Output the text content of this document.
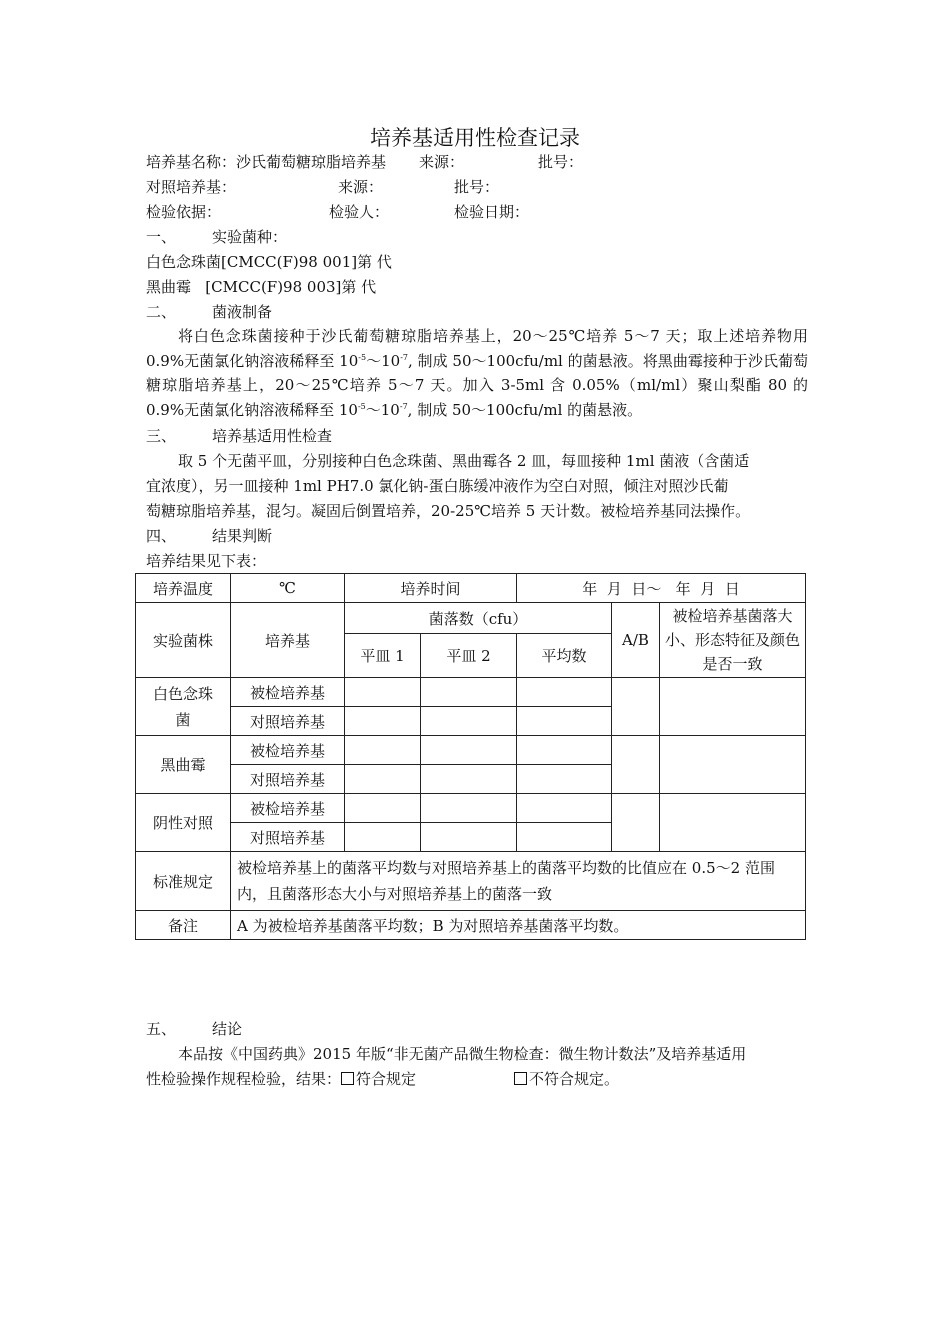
培养基适用性检查记录
培养基名称：沙氏葡萄糖琼脂培养基 来源：	批号：
对照培养基：	来源：	批号：
检验依据：	检验人：	检验日期：
一、 实验菌种：
白色念珠菌[CMCC(F)98 001]第 代
黑曲霉   [CMCC(F)98 003]第 代
二、 菌液制备
将白色念珠菌接种于沙氏葡萄糖琼脂培养基上，20～25℃培养 5～7 天；取上述培养物用 0.9%无菌氯化钠溶液稀释至 $10^{-5}\sim 10^{-7}$, 制成 50～100cfu/ml 的菌悬液。将黑曲霉接种于沙氏葡萄糖琼脂培养基上，20～25℃培养 5～7 天。加入 3-5ml 含 0.05%（ml/ml）聚山梨酯 80 的 0.9%无菌氯化钠溶液稀释至 $10^{-5}\sim 10^{-7}$, 制成 50～100cfu/ml 的菌悬液。
三、 培养基适用性检查
取 5 个无菌平皿，分别接种白色念珠菌、黑曲霉各 2 皿，每皿接种 1ml 菌液（含菌适
宜浓度），另一皿接种 1ml PH7.0 氯化钠-蛋白胨缓冲液作为空白对照，倾注对照沙氏葡
萄糖琼脂培养基，混匀。凝固后倒置培养，20-25℃培养 5 天计数。被检培养基同法操作。
四、 结果判断
培养结果见下表：
培养温度	℃	培养时间		年  月  日～   年  月  日		
实验菌株	培养基	菌落数（cfu）			A/B	被检培养基菌落大小、形态特征及颜色是否一致
		平皿 1	平皿 2	平均数		
白色念珠菌	被检培养基					
	对照培养基					
黑曲霉	被检培养基					
	对照培养基					
阴性对照	被检培养基					
	对照培养基					
标准规定	被检培养基上的菌落平均数与对照培养基上的菌落平均数的比值应在 0.5～2 范围内，且菌落形态大小与对照培养基上的菌落一致					
备注	A 为被检培养基菌落平均数；B 为对照培养基菌落平均数。					
五、 结论
本品按《中国药典》2015 年版“非无菌产品微生物检查：微生物计数法”及培养基适用
性检验操作规程检验，结果： 符合规定	不符合规定。
